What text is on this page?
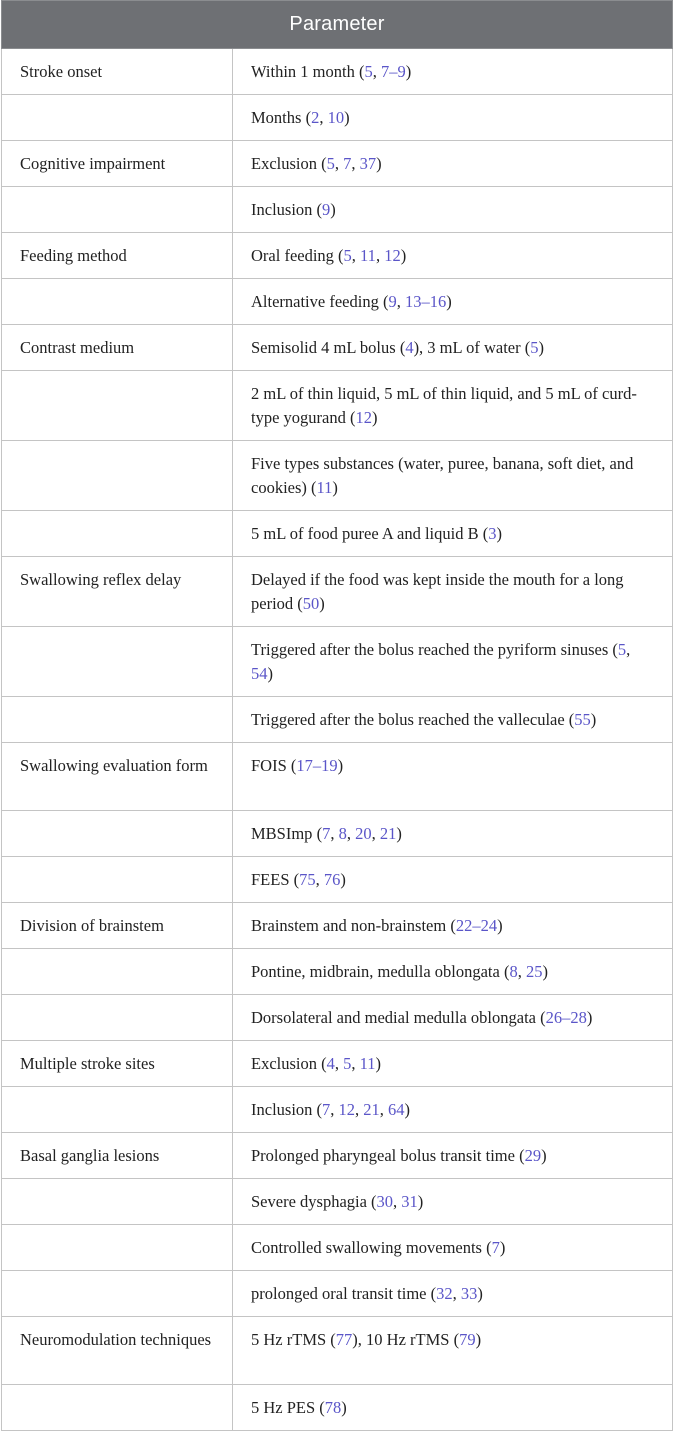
Parameter	
Stroke onset	Within 1 month (5, 7–9)
	Months (2, 10)
Cognitive impairment	Exclusion (5, 7, 37)
	Inclusion (9)
Feeding method	Oral feeding (5, 11, 12)
	Alternative feeding (9, 13–16)
Contrast medium	Semisolid 4 mL bolus (4), 3 mL of water (5)
	2 mL of thin liquid, 5 mL of thin liquid, and 5 mL of curd-type yogurand (12)
	Five types substances (water, puree, banana, soft diet, and cookies) (11)
	5 mL of food puree A and liquid B (3)
Swallowing reflex delay	Delayed if the food was kept inside the mouth for a long period (50)
	Triggered after the bolus reached the pyriform sinuses (5, 54)
	Triggered after the bolus reached the valleculae (55)
Swallowing evaluation form	FOIS (17–19)
	MBSImp (7, 8, 20, 21)
	FEES (75, 76)
Division of brainstem	Brainstem and non-brainstem (22–24)
	Pontine, midbrain, medulla oblongata (8, 25)
	Dorsolateral and medial medulla oblongata (26–28)
Multiple stroke sites	Exclusion (4, 5, 11)
	Inclusion (7, 12, 21, 64)
Basal ganglia lesions	Prolonged pharyngeal bolus transit time (29)
	Severe dysphagia (30, 31)
	Controlled swallowing movements (7)
	prolonged oral transit time (32, 33)
Neuromodulation techniques	5 Hz rTMS (77), 10 Hz rTMS (79)
	5 Hz PES (78)
